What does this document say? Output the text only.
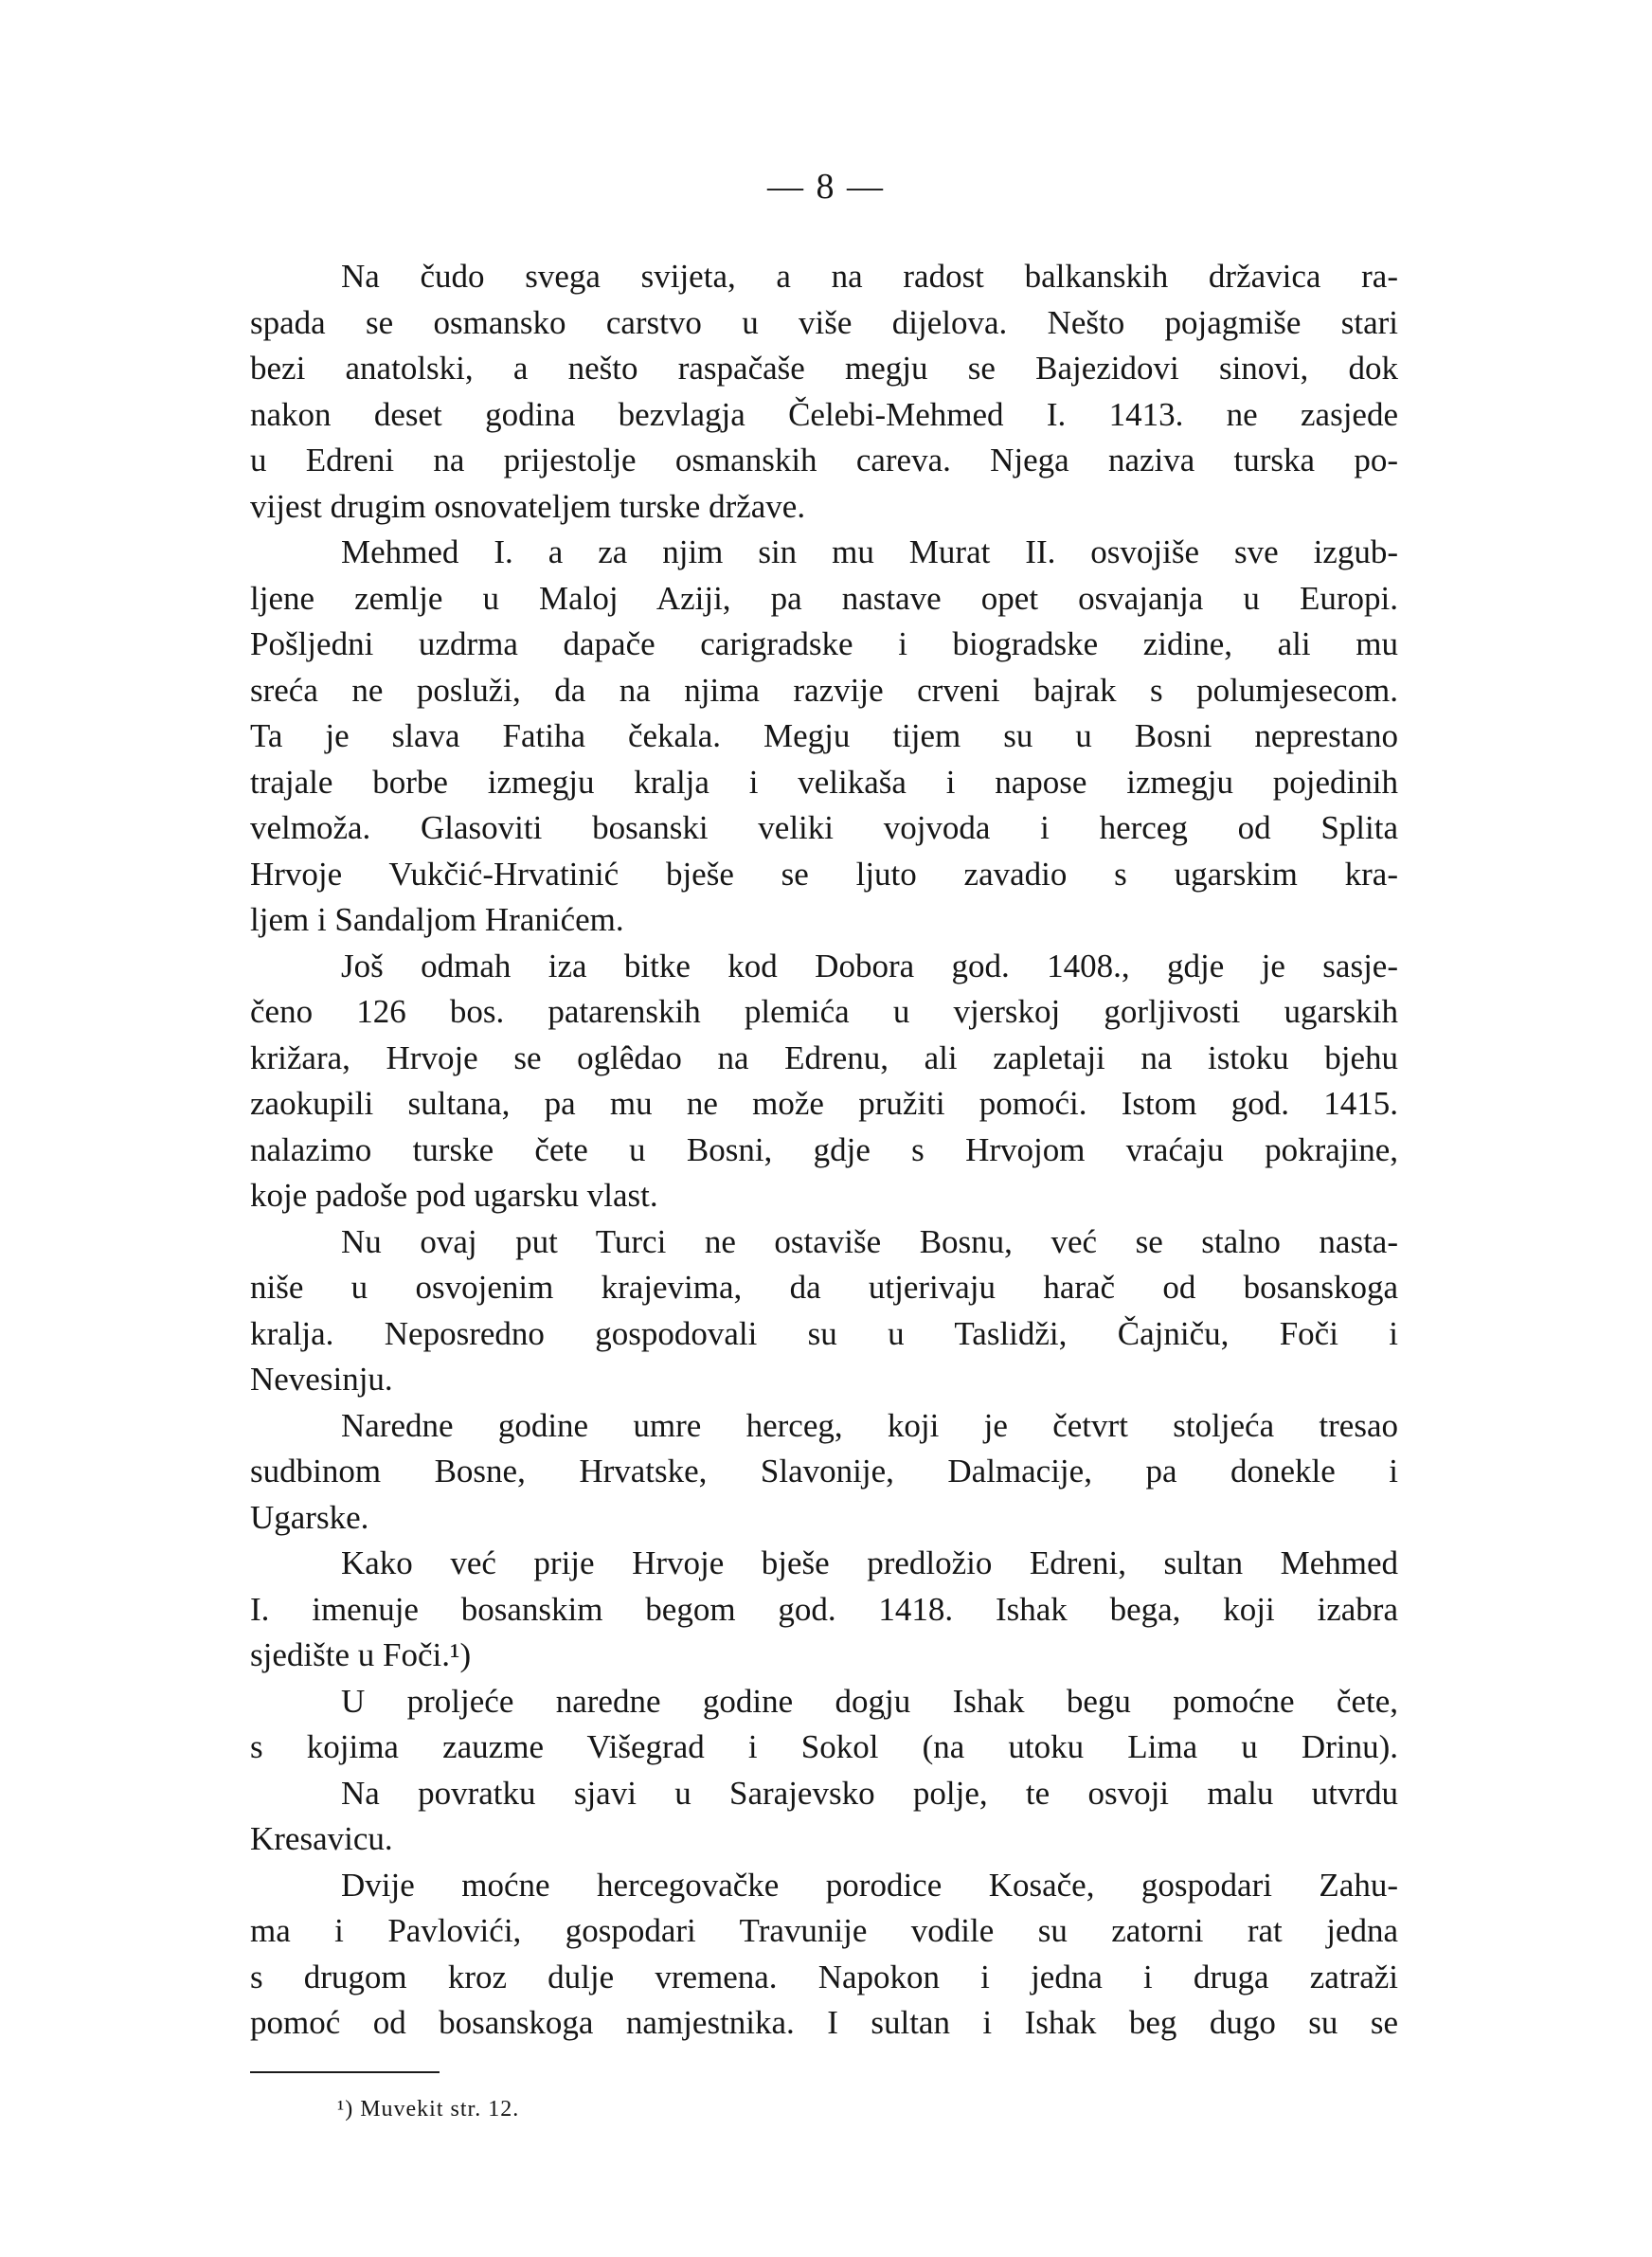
— 8 —
Na čudo svega svijeta, a na radost balkanskih državica ra-
spada se osmansko carstvo u više dijelova. Nešto pojagmiše stari
bezi anatolski, a nešto raspačaše megju se Bajezidovi sinovi, dok
nakon deset godina bezvlagja Čelebi-Mehmed I. 1413. ne zasjede
u Edreni na prijestolje osmanskih careva. Njega naziva turska po-
vijest drugim osnovateljem turske države.
Mehmed I. a za njim sin mu Murat II. osvojiše sve izgub-
ljene zemlje u Maloj Aziji, pa nastave opet osvajanja u Europi.
Pošljedni uzdrma dapače carigradske i biogradske zidine, ali mu
sreća ne posluži, da na njima razvije crveni bajrak s polumjesecom.
Ta je slava Fatiha čekala. Megju tijem su u Bosni neprestano
trajale borbe izmegju kralja i velikaša i napose izmegju pojedinih
velmoža. Glasoviti bosanski veliki vojvoda i herceg od Splita
Hrvoje Vukčić-Hrvatinić bješe se ljuto zavadio s ugarskim kra-
ljem i Sandaljom Hranićem.
Još odmah iza bitke kod Dobora god. 1408., gdje je sasje-
čeno 126 bos. patarenskih plemića u vjerskoj gorljivosti ugarskih
križara, Hrvoje se oglêdao na Edrenu, ali zapletaji na istoku bjehu
zaokupili sultana, pa mu ne može pružiti pomoći. Istom god. 1415.
nalazimo turske čete u Bosni, gdje s Hrvojom vraćaju pokrajine,
koje padoše pod ugarsku vlast.
Nu ovaj put Turci ne ostaviše Bosnu, već se stalno nasta-
niše u osvojenim krajevima, da utjerivaju harač od bosanskoga
kralja. Neposredno gospodovali su u Taslidži, Čajniču, Foči i
Nevesinju.
Naredne godine umre herceg, koji je četvrt stoljeća tresao
sudbinom Bosne, Hrvatske, Slavonije, Dalmacije, pa donekle i
Ugarske.
Kako već prije Hrvoje bješe predložio Edreni, sultan Mehmed
I. imenuje bosanskim begom god. 1418. Ishak bega, koji izabra
sjedište u Foči.¹)
U proljeće naredne godine dogju Ishak begu pomoćne čete,
s kojima zauzme Višegrad i Sokol (na utoku Lima u Drinu).
Na povratku sjavi u Sarajevsko polje, te osvoji malu utvrdu
Kresavicu.
Dvije moćne hercegovačke porodice Kosače, gospodari Zahu-
ma i Pavlovići, gospodari Travunije vodile su zatorni rat jedna
s drugom kroz dulje vremena. Napokon i jedna i druga zatraži
pomoć od bosanskoga namjestnika. I sultan i Ishak beg dugo su se
¹) Muvekit str. 12.
